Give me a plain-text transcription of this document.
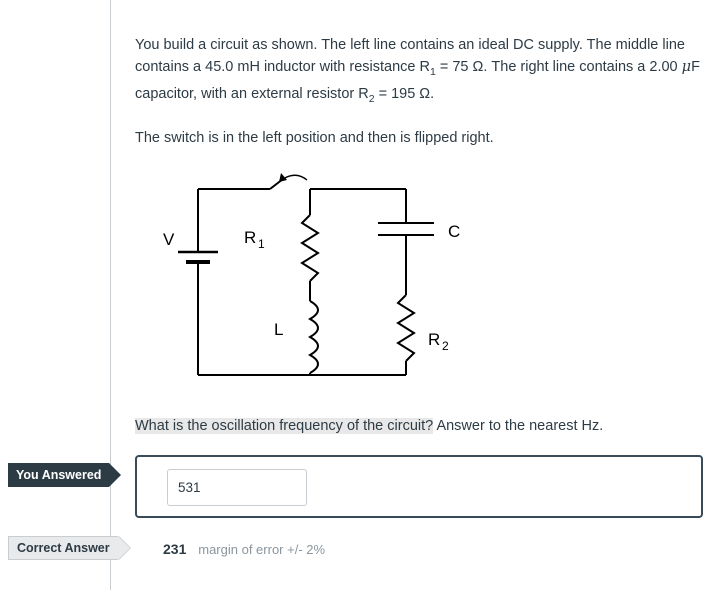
You build a circuit as shown. The left line contains an ideal DC supply. The middle line contains a 45.0 mH inductor with resistance $R_1 = 75$ Ω. The right line contains a 2.00 μF capacitor, with an external resistor $R_2 = 195$ Ω.
The switch is in the left position and then is flipped right.
V	R 1
L
C
R 2
What is the oscillation frequency of the circuit? Answer to the nearest Hz.
You Answered
531
Correct Answer	231 margin of error +/- 2%
